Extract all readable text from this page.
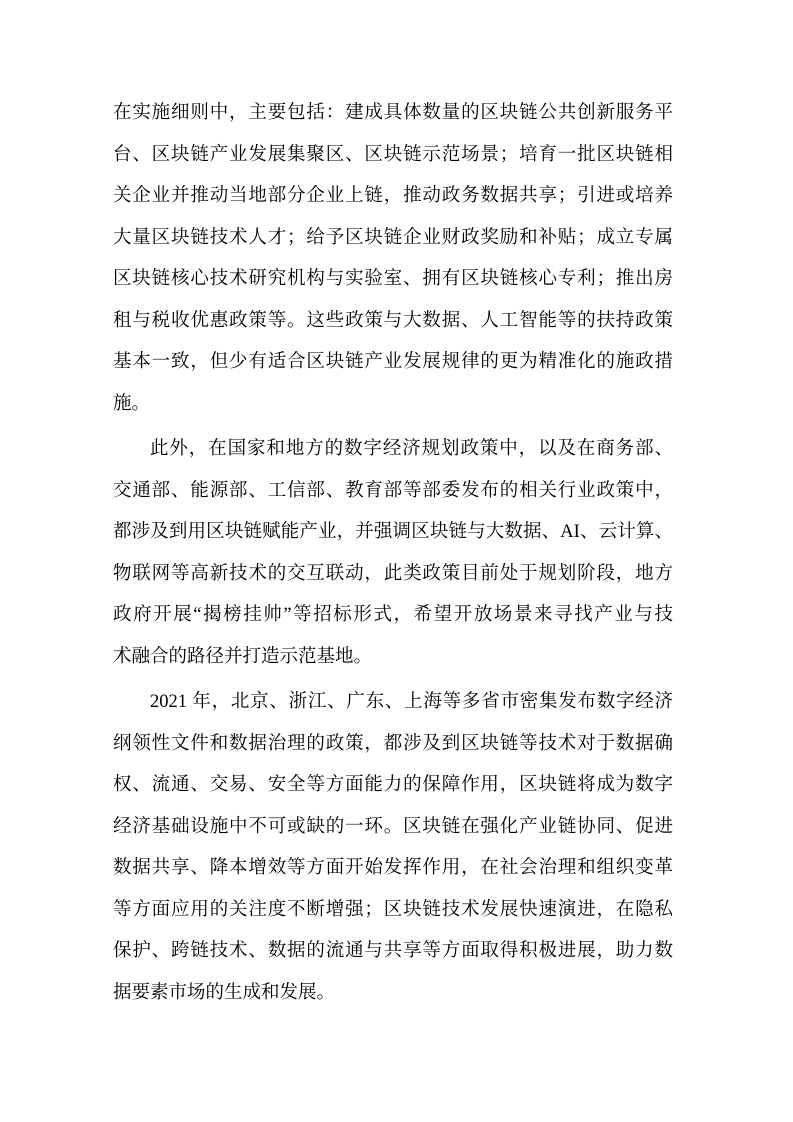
在实施细则中，主要包括：建成具体数量的区块链公共创新服务平
台、区块链产业发展集聚区、区块链示范场景；培育一批区块链相
关企业并推动当地部分企业上链，推动政务数据共享；引进或培养
大量区块链技术人才；给予区块链企业财政奖励和补贴；成立专属
区块链核心技术研究机构与实验室、拥有区块链核心专利；推出房
租与税收优惠政策等。这些政策与大数据、人工智能等的扶持政策
基本一致，但少有适合区块链产业发展规律的更为精准化的施政措
施。
此外，在国家和地方的数字经济规划政策中，以及在商务部、
交通部、能源部、工信部、教育部等部委发布的相关行业政策中，
都涉及到用区块链赋能产业，并强调区块链与大数据、AI、云计算、
物联网等高新技术的交互联动，此类政策目前处于规划阶段，地方
政府开展“揭榜挂帅”等招标形式，希望开放场景来寻找产业与技
术融合的路径并打造示范基地。
2021 年，北京、浙江、广东、上海等多省市密集发布数字经济
纲领性文件和数据治理的政策，都涉及到区块链等技术对于数据确
权、流通、交易、安全等方面能力的保障作用，区块链将成为数字
经济基础设施中不可或缺的一环。区块链在强化产业链协同、促进
数据共享、降本增效等方面开始发挥作用，在社会治理和组织变革
等方面应用的关注度不断增强；区块链技术发展快速演进，在隐私
保护、跨链技术、数据的流通与共享等方面取得积极进展，助力数
据要素市场的生成和发展。
